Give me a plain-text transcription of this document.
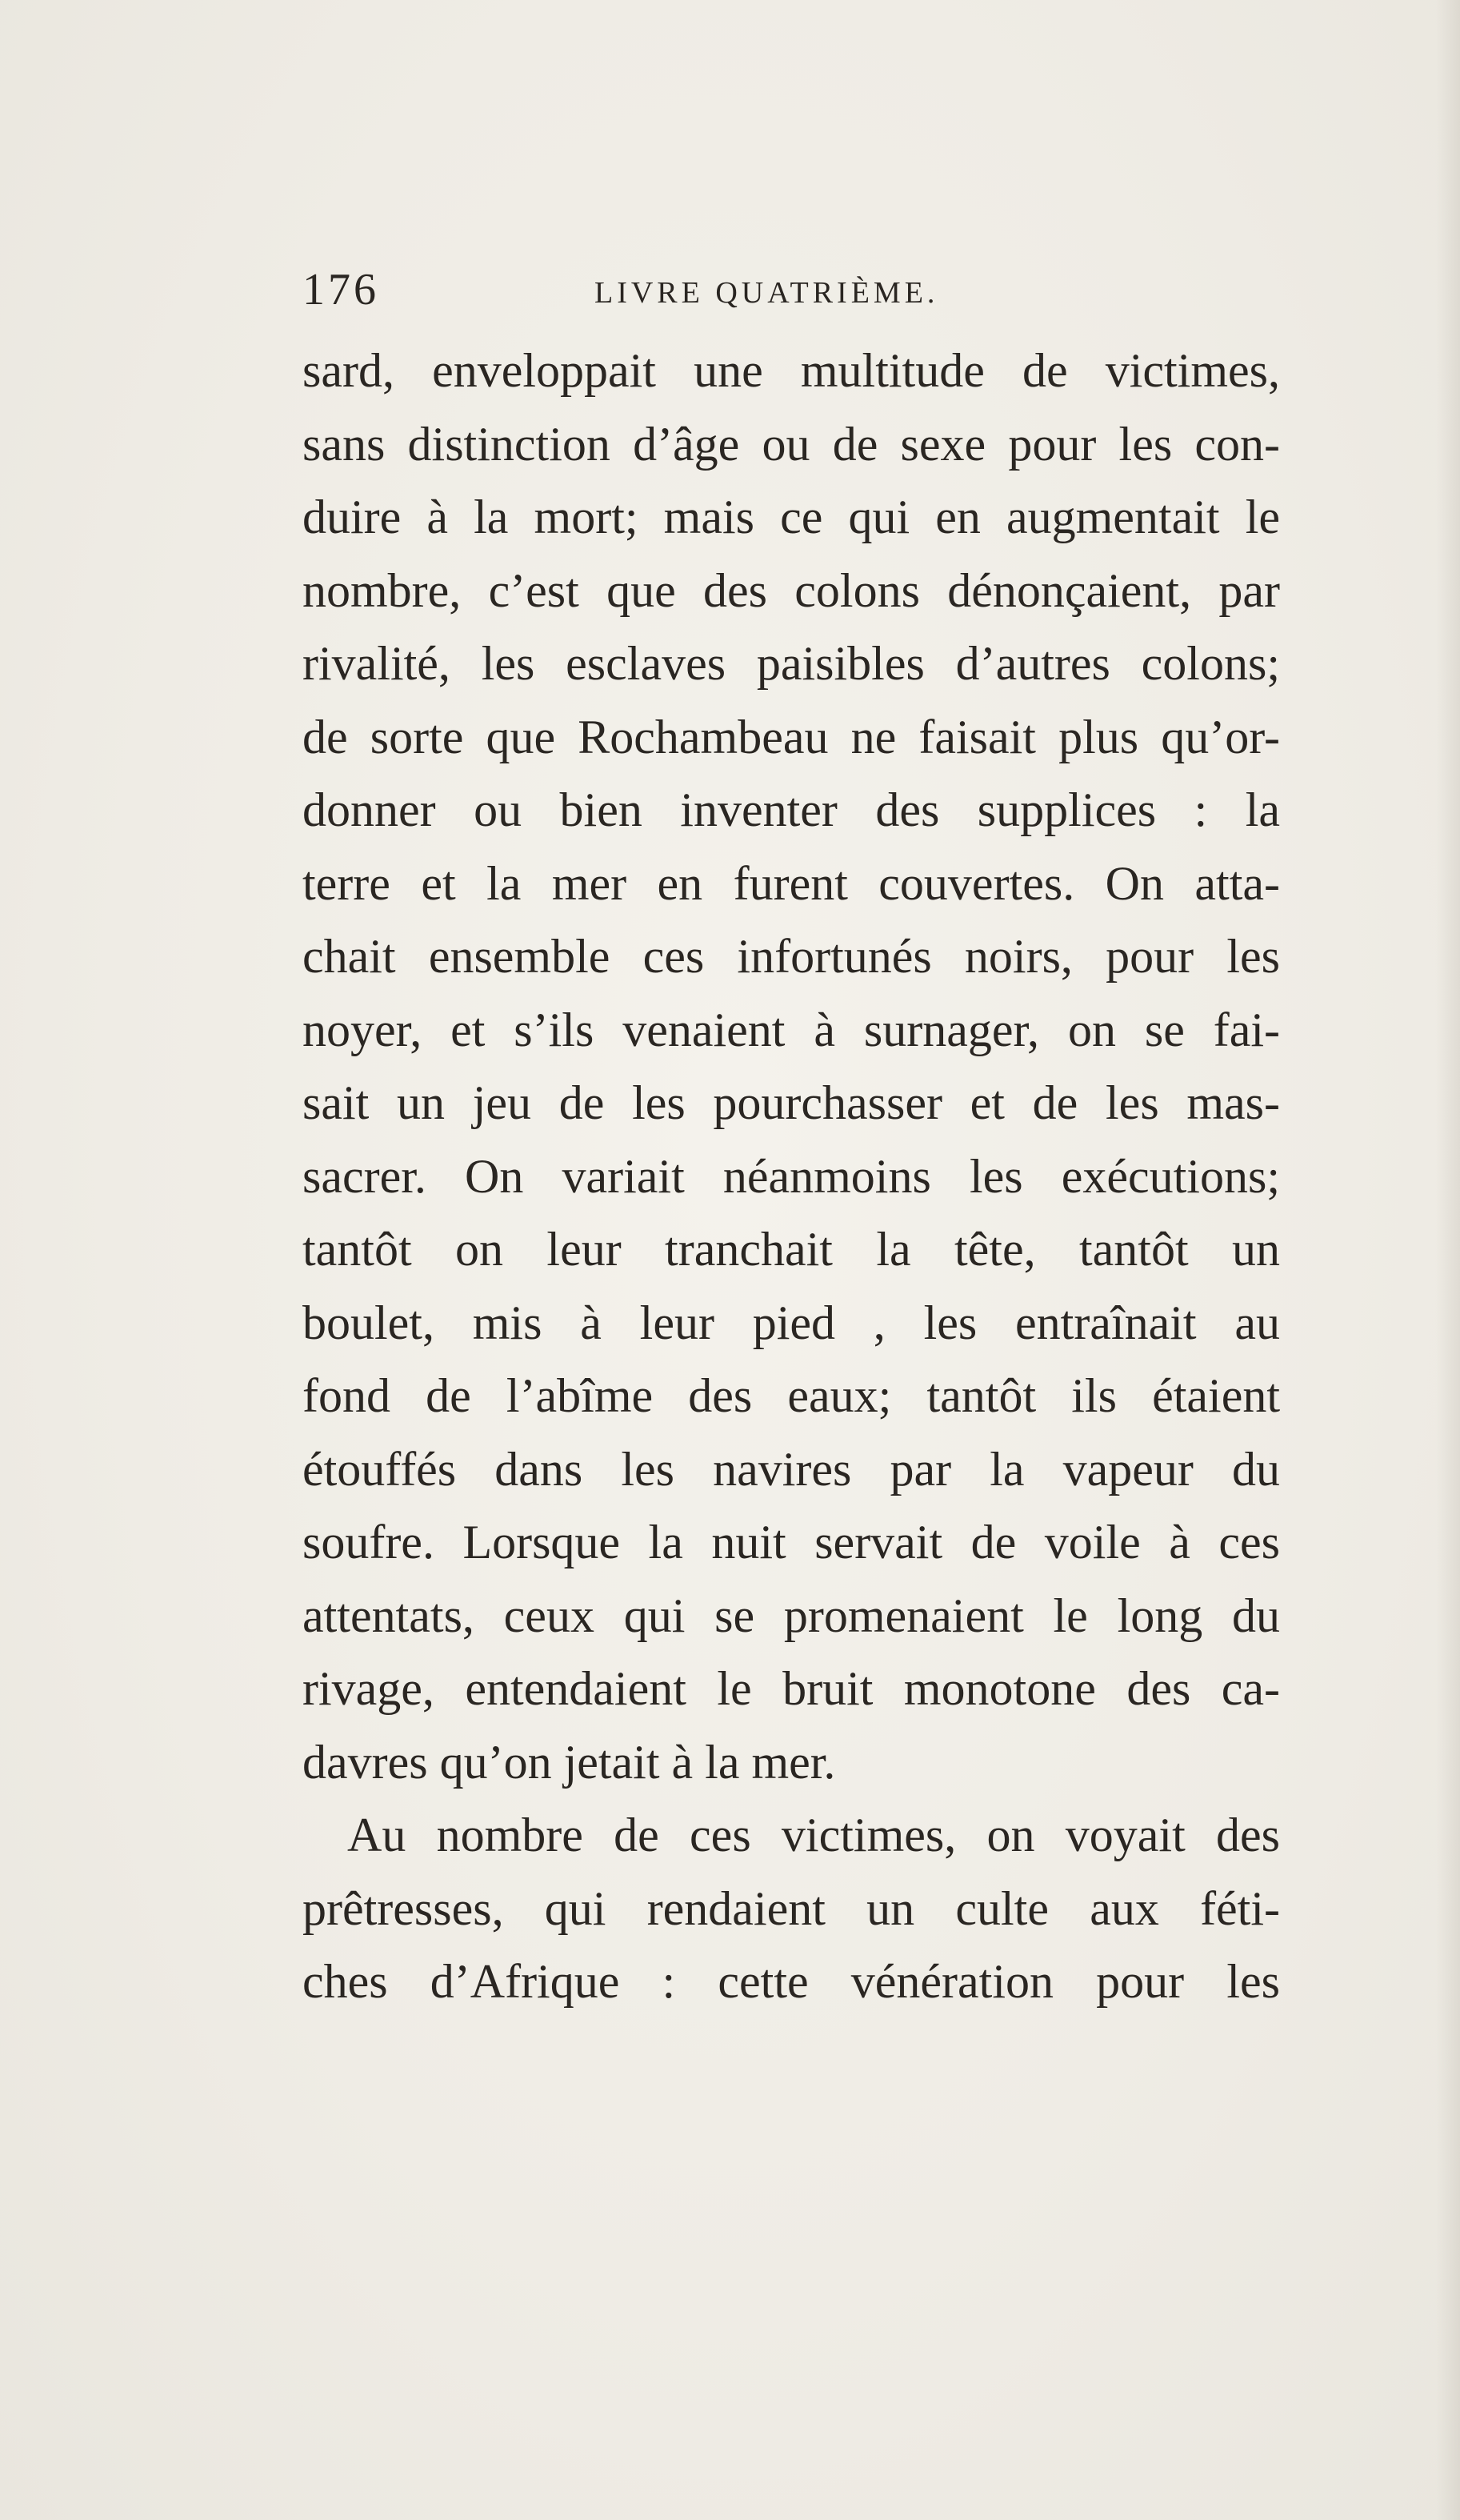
176	LIVRE QUATRIÈME.
sard, enveloppait une multitude de victimes,
sans distinction d’âge ou de sexe pour les con-
duire à la mort; mais ce qui en augmentait le
nombre, c’est que des colons dénonçaient, par
rivalité, les esclaves paisibles d’autres colons;
de sorte que Rochambeau ne faisait plus qu’or-
donner ou bien inventer des supplices : la
terre et la mer en furent couvertes. On atta-
chait ensemble ces infortunés noirs, pour les
noyer, et s’ils venaient à surnager, on se fai-
sait un jeu de les pourchasser et de les mas-
sacrer. On variait néanmoins les exécutions;
tantôt on leur tranchait la tête, tantôt un
boulet, mis à leur pied , les entraînait au
fond de l’abîme des eaux; tantôt ils étaient
étouffés dans les navires par la vapeur du
soufre. Lorsque la nuit servait de voile à ces
attentats, ceux qui se promenaient le long du
rivage, entendaient le bruit monotone des ca-
davres qu’on jetait à la mer.
Au nombre de ces victimes, on voyait des
prêtresses, qui rendaient un culte aux féti-
ches d’Afrique : cette vénération pour les
